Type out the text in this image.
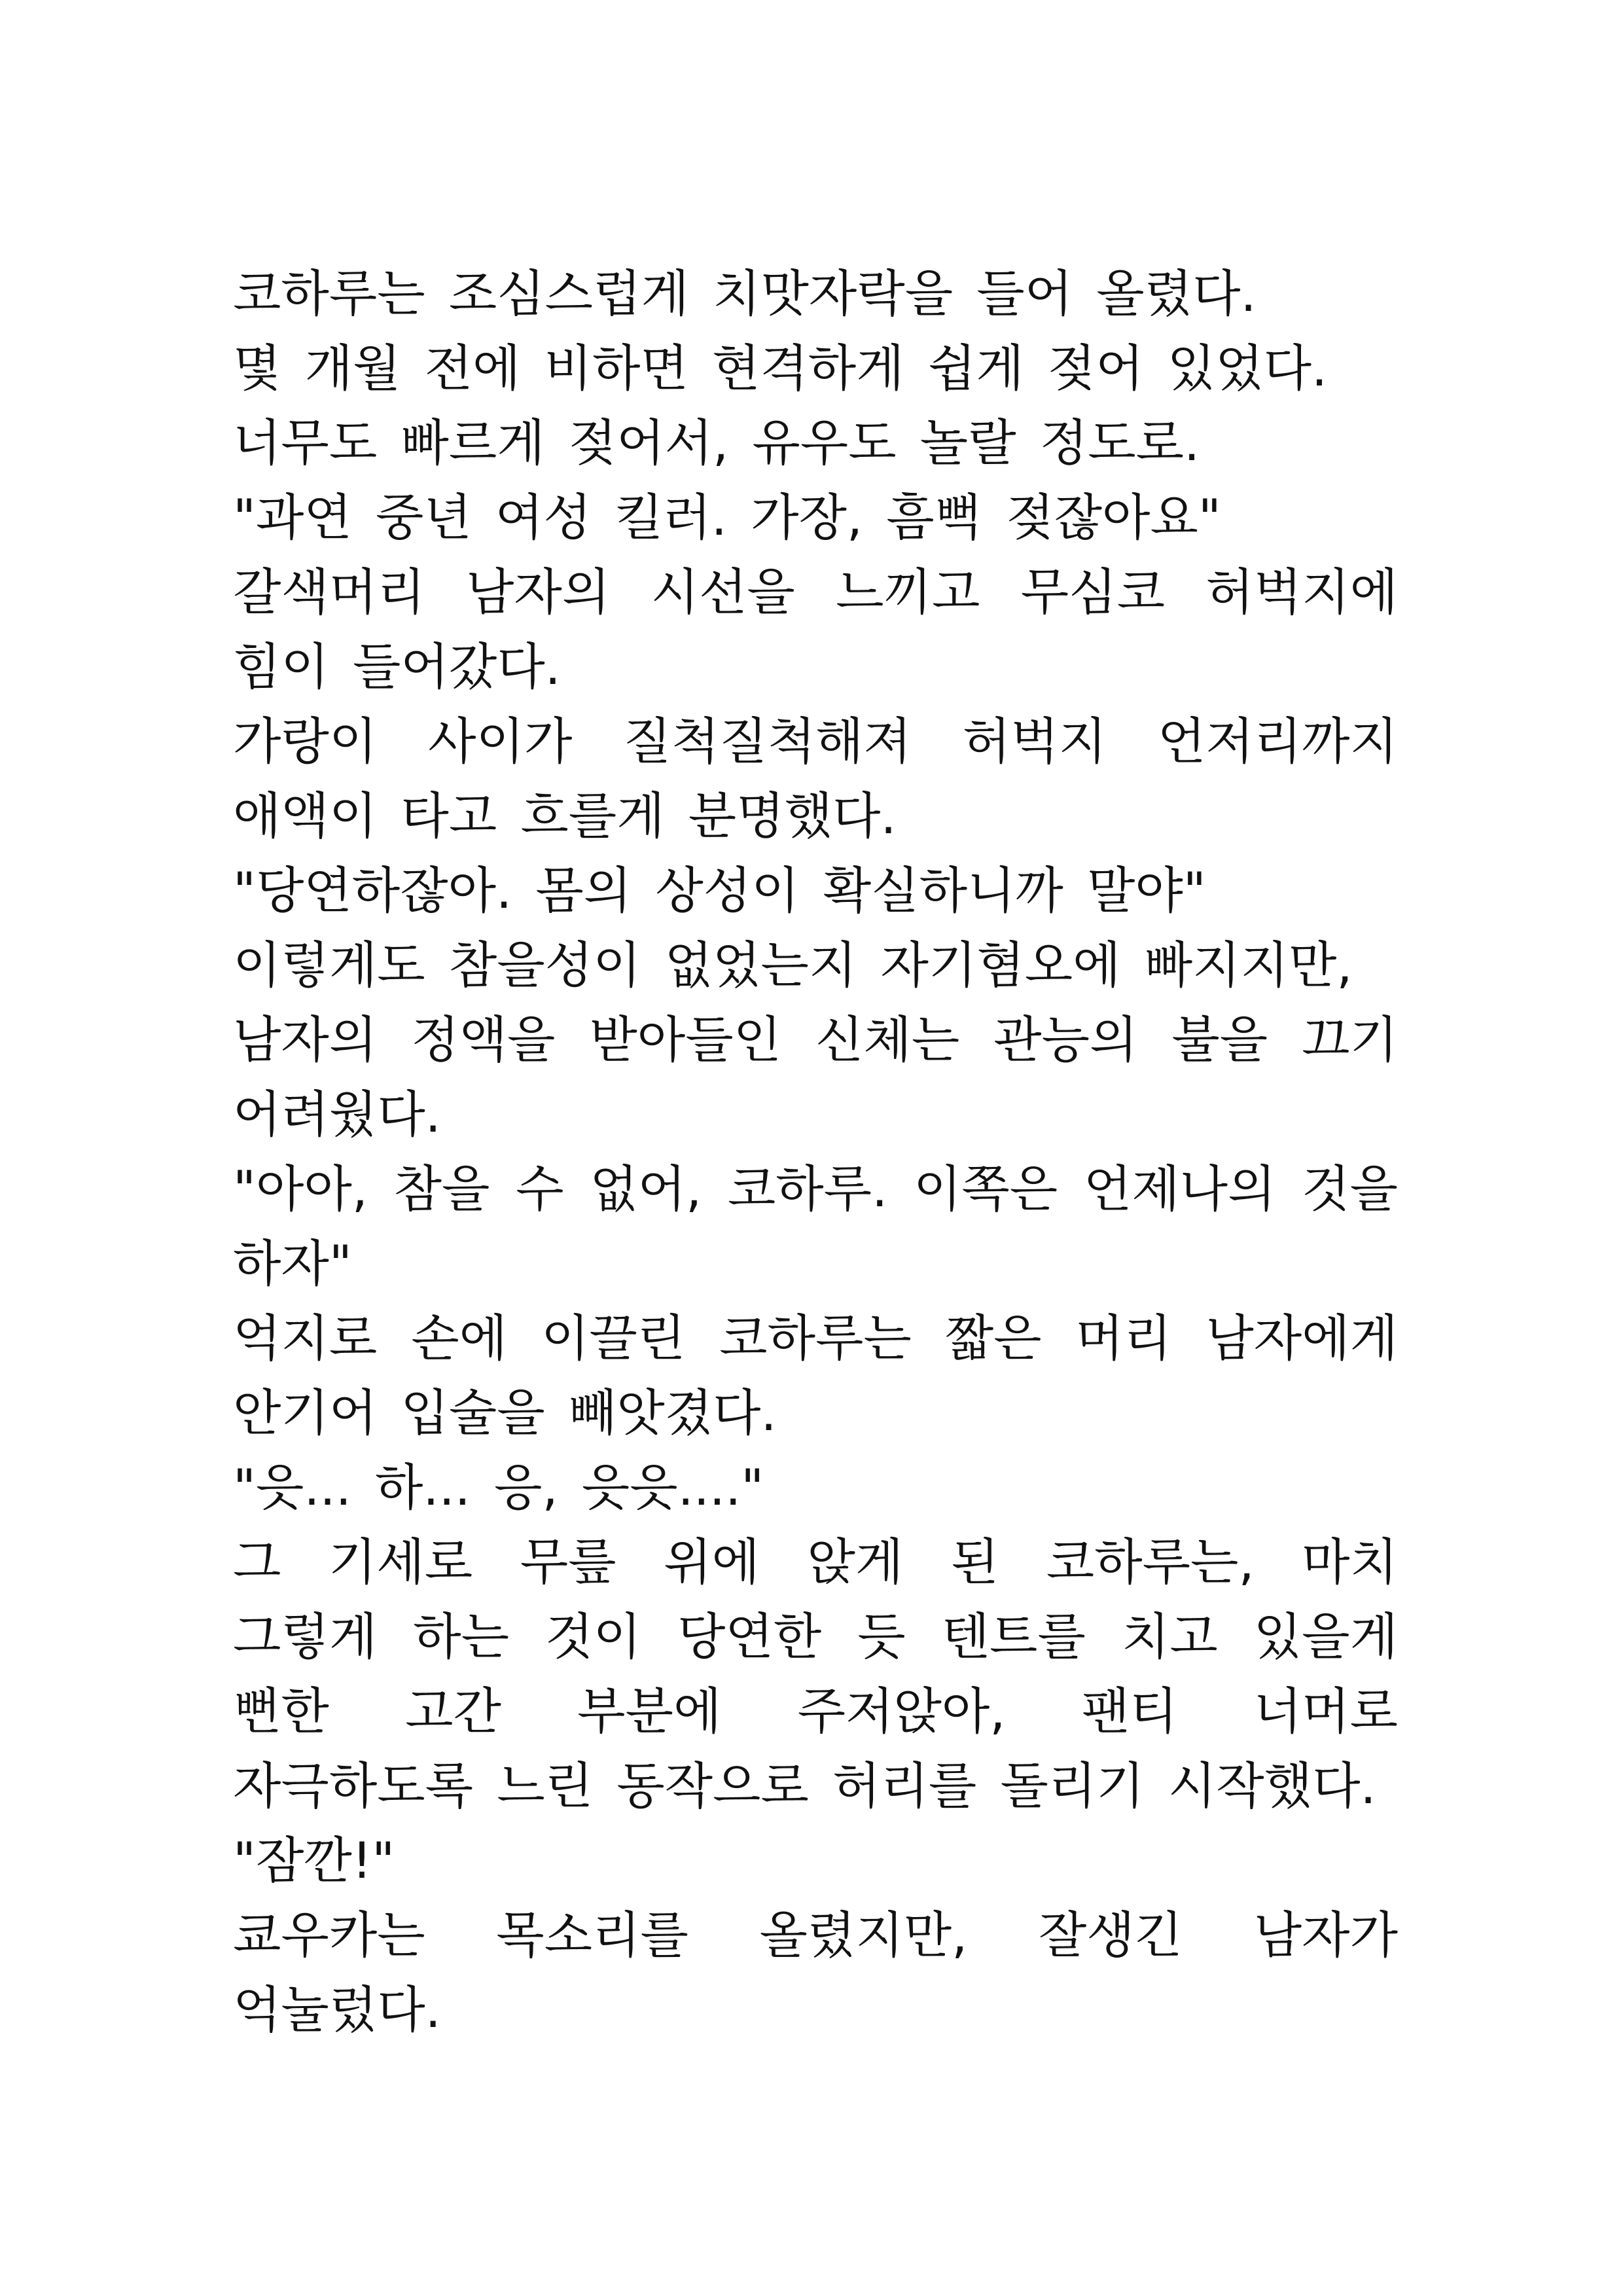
코하루는 조심스럽게 치맛자락을 들어 올렸다.

몇 개월 전에 비하면 현격하게 쉽게 젖어 있었다.

너무도 빠르게 젖어서, 유우도 놀랄 정도로.

"과연 중년 여성 킬러. 가장, 흠뻑 젖잖아요"

갈색머리 남자의 시선을 느끼고 무심코 허벅지에 힘이 들어갔다.

가랑이 사이가 질척질척해져 허벅지 언저리까지 애액이 타고 흐를게 분명했다.

"당연하잖아. 몸의 상성이 확실하니까 말야"

이렇게도 참을성이 없었는지 자기혐오에 빠지지만,

남자의 정액을 받아들인 신체는 관능의 불을 끄기 어려웠다.

"아아, 참을 수 없어, 코하루. 이쪽은 언제나의 것을 하자"

억지로 손에 이끌린 코하루는 짧은 머리 남자에게 안기어 입술을 빼앗겼다.

"읏... 하... 응, 읏읏...."

그 기세로 무릎 위에 앉게 된 코하루는, 마치 그렇게 하는 것이 당연한 듯 텐트를 치고 있을게 뻔한 고간 부분에 주저앉아, 팬티 너머로 자극하도록 느린 동작으로 허리를 돌리기 시작했다.

"잠깐!"

쿄우카는 목소리를 올렸지만, 잘생긴 남자가 억눌렀다.
